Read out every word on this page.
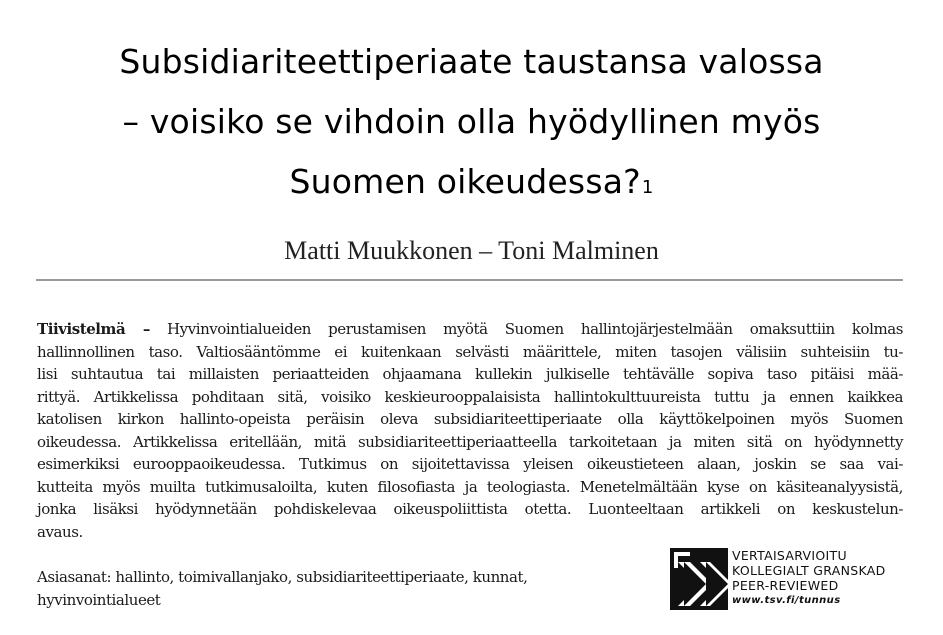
Subsidiariteettiperiaate taustansa valossa
– voisiko se vihdoin olla hyödyllinen myös
Suomen oikeudessa?$^1$
Matti Muukkonen – Toni Malminen
Tiivistelmä – Hyvinvointialueiden perustamisen myötä Suomen hallintojärjestelmään omaksuttiin kolmas
hallinnollinen taso. Valtiosääntömme ei kuitenkaan selvästi määrittele, miten tasojen välisiin suhteisiin tu-
lisi suhtautua tai millaisten periaatteiden ohjaamana kullekin julkiselle tehtävälle sopiva taso pitäisi mää-
rittyä. Artikkelissa pohditaan sitä, voisiko keskieurooppalaisista hallintokulttuureista tuttu ja ennen kaikkea
katolisen kirkon hallinto-opeista peräisin oleva subsidiariteettiperiaate olla käyttökelpoinen myös Suomen
oikeudessa. Artikkelissa eritellään, mitä subsidiariteettiperiaatteella tarkoitetaan ja miten sitä on hyödynnetty
esimerkiksi eurooppaoikeudessa. Tutkimus on sijoitettavissa yleisen oikeustieteen alaan, joskin se saa vai-
kutteita myös muilta tutkimusaloilta, kuten filosofiasta ja teologiasta. Menetelmältään kyse on käsiteanalyysistä,
jonka lisäksi hyödynnetään pohdiskelevaa oikeuspoliittista otetta. Luonteeltaan artikkeli on keskustelun-
avaus.
Asiasanat: hallinto, toimivallanjako, subsidiariteettiperiaate, kunnat,
hyvinvointialueet
VERTAISARVIOITU
KOLLEGIALT GRANSKAD
PEER-REVIEWED
www.tsv.fi/tunnus
